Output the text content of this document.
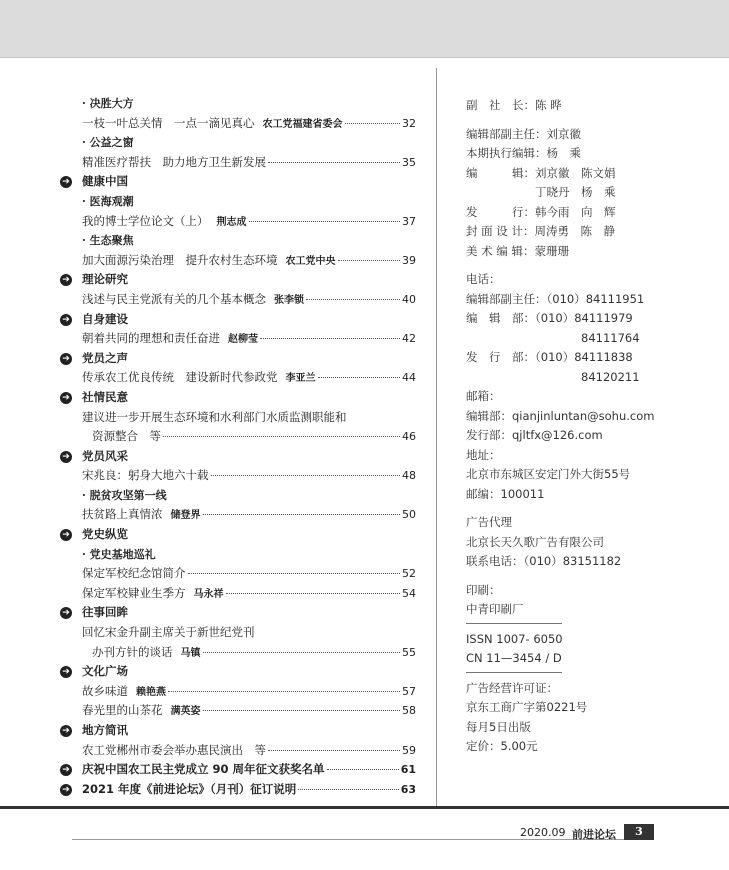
· 决胜大方
一枝一叶总关情　一点一滴见真心 农工党福建省委会	32
· 公益之窗
精准医疗帮扶　助力地方卫生新发展	35
➔ 健康中国
· 医海观潮
我的博士学位论文（上） 荆志成	37
· 生态聚焦
加大面源污染治理　提升农村生态环境 农工党中央	39
➔ 理论研究
浅述与民主党派有关的几个基本概念 张李锁	40
➔ 自身建设
朝着共同的理想和责任奋进 赵柳莹	42
➔ 党员之声
传承农工优良传统　建设新时代参政党 李亚兰	44
➔ 社情民意
建议进一步开展生态环境和水利部门水质监测职能和
资源整合　等	46
➔ 党员风采
宋兆良：躬身大地六十载	48
· 脱贫攻坚第一线
扶贫路上真情浓 储登界	50
➔ 党史纵览
· 党史基地巡礼
保定军校纪念馆简介	52
保定军校肄业生季方 马永祥	54
➔ 往事回眸
回忆宋金升副主席关于新世纪党刊
办刊方针的谈话 马镇	55
➔ 文化广场
故乡味道 赖艳燕	57
春光里的山茶花 满英姿	58
➔ 地方简讯
农工党郴州市委会举办惠民演出　等	59
➔	庆祝中国农工民主党成立 90 周年征文获奖名单	61
➔	2021 年度《前进论坛》（月刊）征订说明	63
副　社　长：陈 晔
编辑部副主任：刘京徽
本期执行编辑：杨　乘
编　　　辑：刘京徽　陈文娟
　　　　　　丁晓丹　杨　乘
发　　　行：韩今雨　向　辉
封 面 设 计：周涛勇　陈　静
美 术 编 辑：蒙珊珊
电话：
编辑部副主任：（010）84111951
编　辑　部：（010）84111979
　　　　　　　　　　84111764
发　行　部：（010）84111838
　　　　　　　　　　84120211
邮箱：
编辑部：qianjinluntan@sohu.com
发行部：qjltfx@126.com
地址：
北京市东城区安定门外大街55号
邮编：100011
广告代理
北京长天久歌广告有限公司
联系电话：（010）83151182
印刷：
中青印刷厂
ISSN 1007- 6050
CN 11—3454 / D
广告经营许可证：
京东工商广字第0221号
每月5日出版
定价：5.00元
2020.09 前进论坛	3
